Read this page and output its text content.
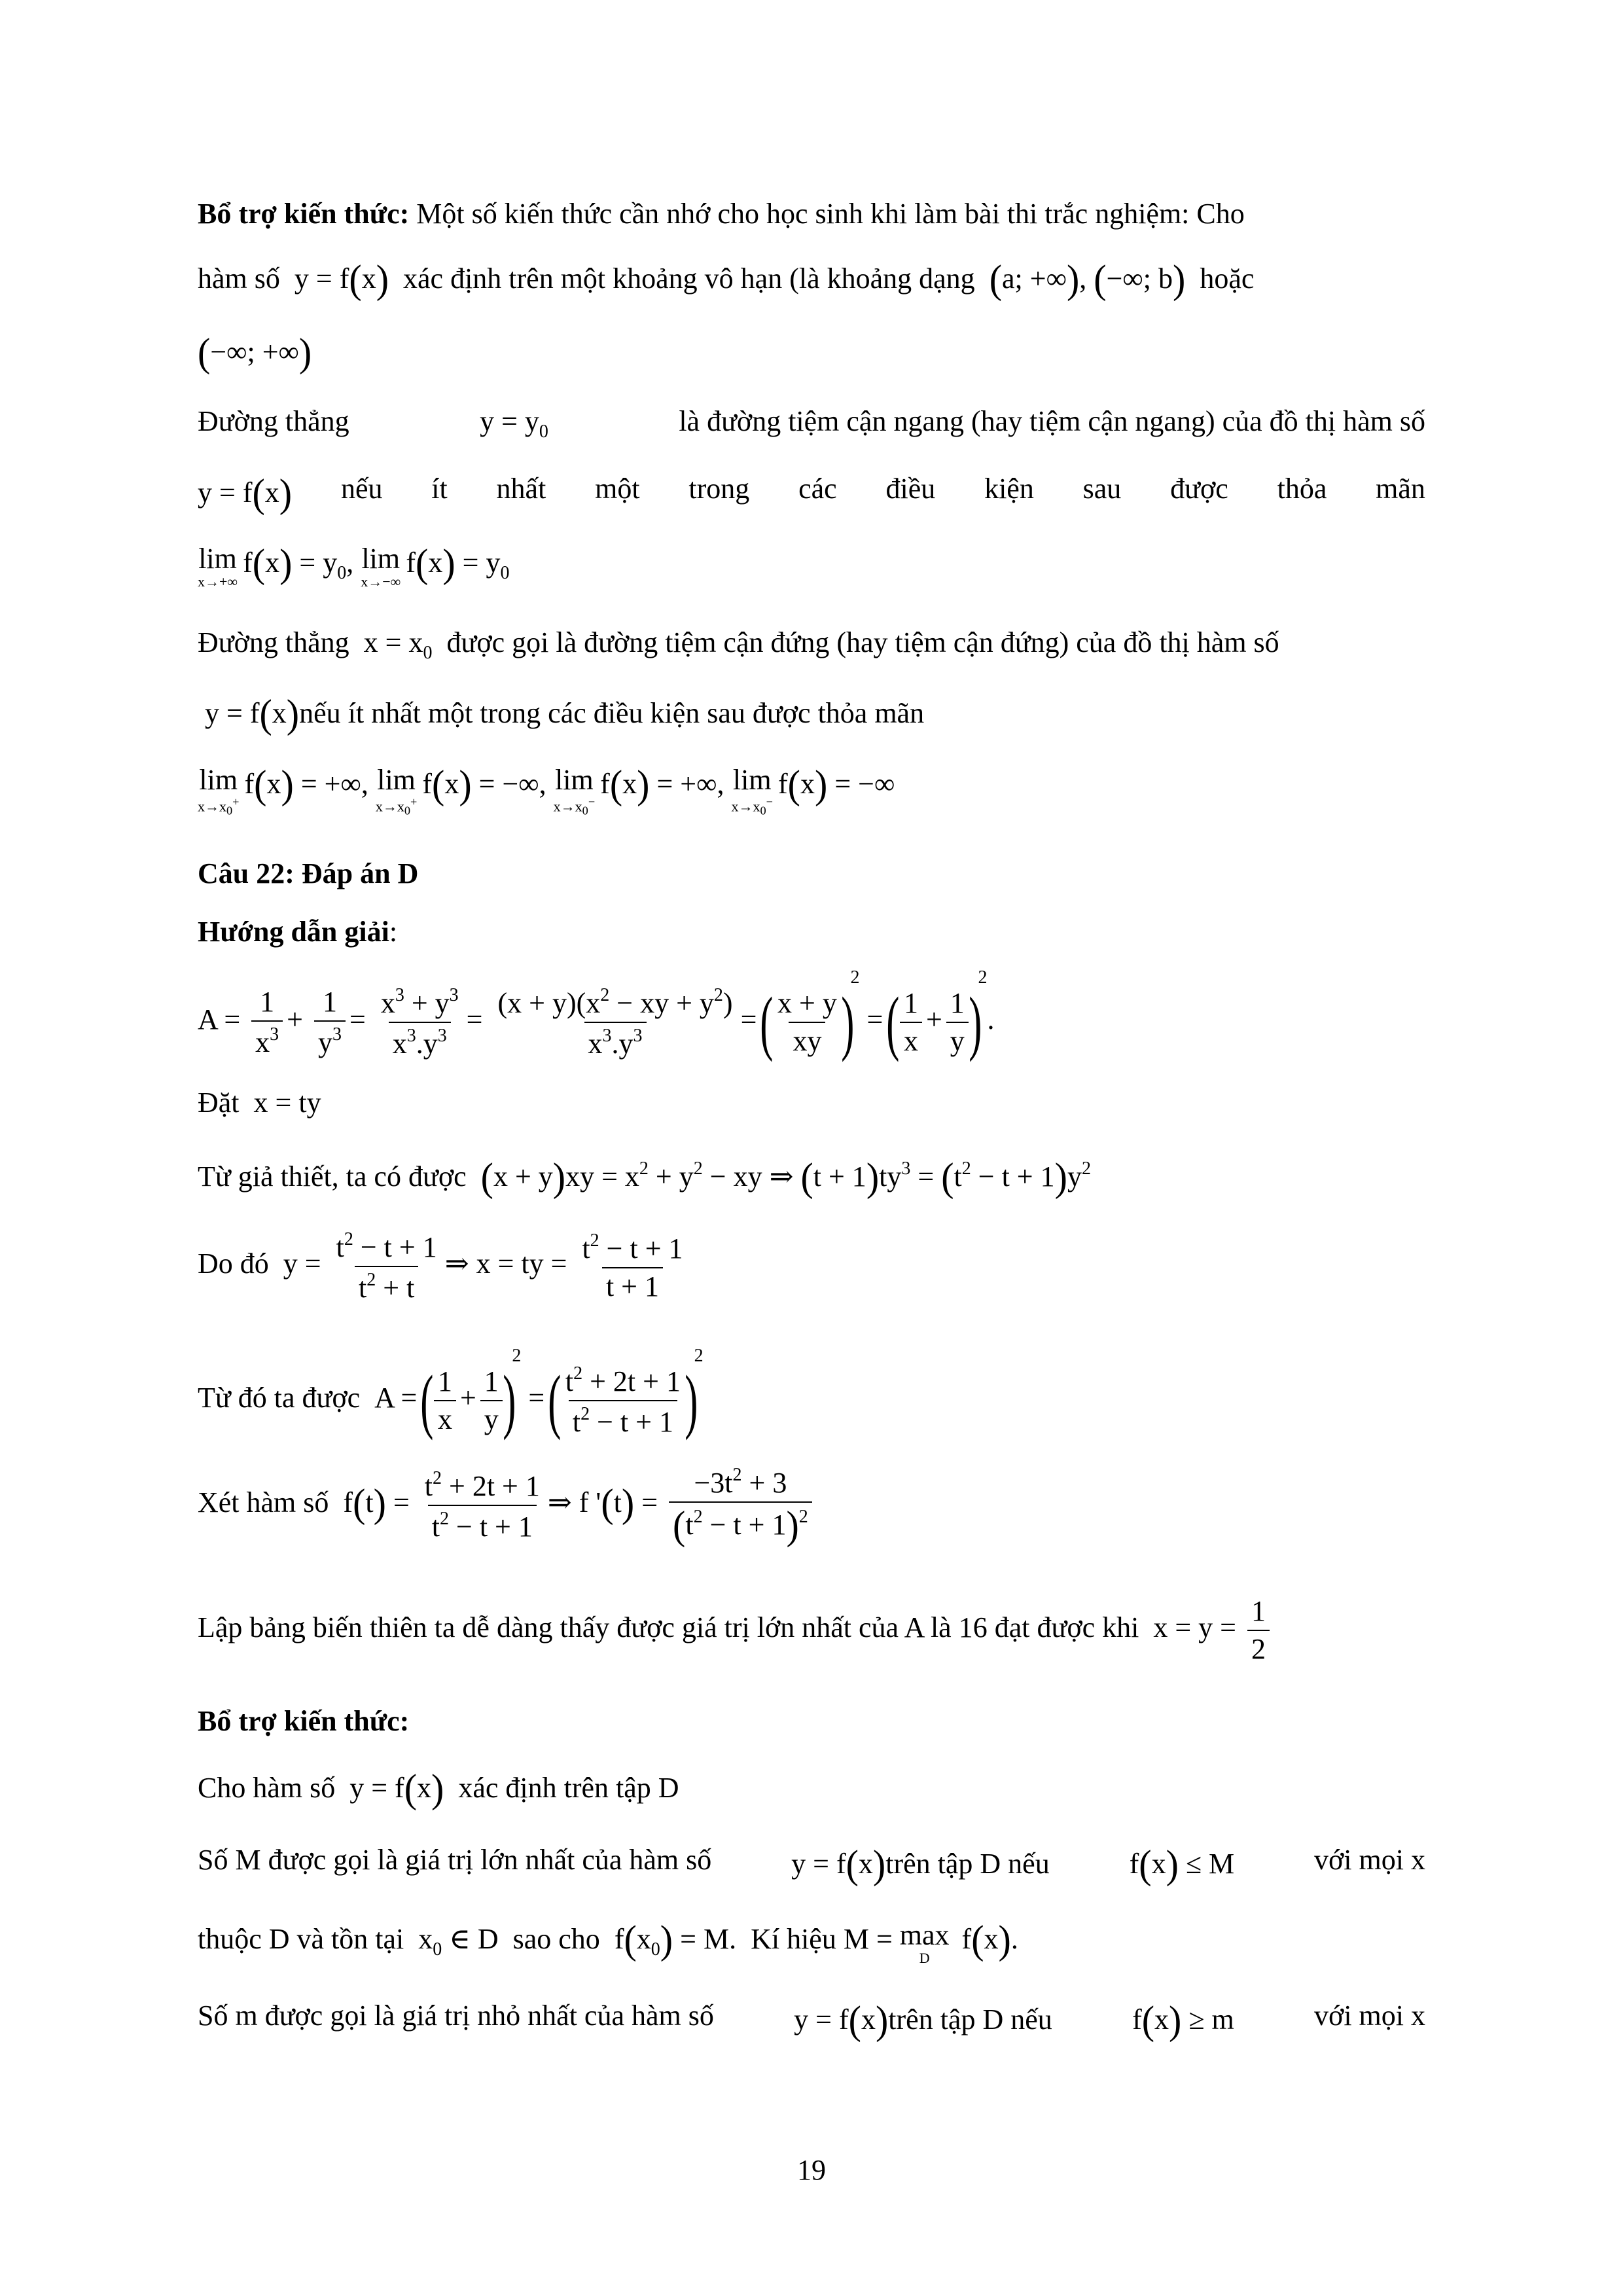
Bổ trợ kiến thức: Một số kiến thức cần nhớ cho học sinh khi làm bài thi trắc nghiệm: Cho
hàm số  y = f(x) xác định trên một khoảng vô hạn (là khoảng dạng (a; +∞), (−∞; b) hoặc
(−∞; +∞)
Đường thẳng	$y = y_0$	là đường tiệm cận ngang (hay tiệm cận ngang) của đồ thị hàm số
y = f(x) nếu ít nhất một trong các điều kiện sau được thỏa mãn
lim
x→+∞
$f(x) = y_0$, lim
x→−∞
$f(x) = y_0$
Đường thẳng  $x = x_0$ được gọi là đường tiệm cận đứng (hay tiệm cận đứng) của đồ thị hàm số
y = f(x)nếu ít nhất một trong các điều kiện sau được thỏa mãn
lim
$x\to x_0^+$
f(x) = +∞, lim
$x\to x_0^+$
f(x) = −∞, lim
$x\to x_0^-$
f(x) = +∞, lim
$x\to x_0^-$
f(x) = −∞
Câu 22: Đáp án D
Hướng dẫn giải:
$A = \frac{1}{x^3} + \frac{1}{y^3} = \frac{x^3 + y^3}{x^3.y^3} = \frac{(x + y)(x^2 - xy + y^2)}{x^3.y^3}$ = ( $\frac{x + y}{xy} )^2$ = ( $\frac{1}{x} + \frac{1}{y} )^2$.
Đặt  x = ty
Từ giả thiết, ta có được $(x + y)xy = x^2 + y^2$ − xy ⇒ $(t + 1)ty^3 = (t^2 - t + 1)y^2$
Do đó  $y = \frac{t^2 - t + 1}{t^2 + t}$ ⇒ x = ty = $\frac{t^2 - t + 1}{t + 1}$
Từ đó ta được  A = ( $\frac{1}{x} + \frac{1}{y} )^2$ = ( $\frac{t^2 + 2t + 1}{t^2 - t + 1} )^2$
Xét hàm số  $f(t) = \frac{t^2 + 2t + 1}{t^2 - t + 1}$ ⇒ f '$(t) = \frac{-3t^2 + 3}{(t^2 - t + 1)^2}$
Lập bảng biến thiên ta dễ dàng thấy được giá trị lớn nhất của A là 16 đạt được khi  $x = y = \frac{1}{2}$
Bổ trợ kiến thức:
Cho hàm số  y = f(x) xác định trên tập D
Số M được gọi là giá trị lớn nhất của hàm số	y = f(x)trên tập D nếu	f(x) ≤ M	với mọi x
thuộc D và tồn tại  $x_0$ ∈ D  sao cho  $f(x_0) = M$.  Kí hiệu M = max
D
f(x).
Số m được gọi là giá trị nhỏ nhất của hàm số	y = f(x)trên tập D nếu	f(x) ≥ m	với mọi x
19
